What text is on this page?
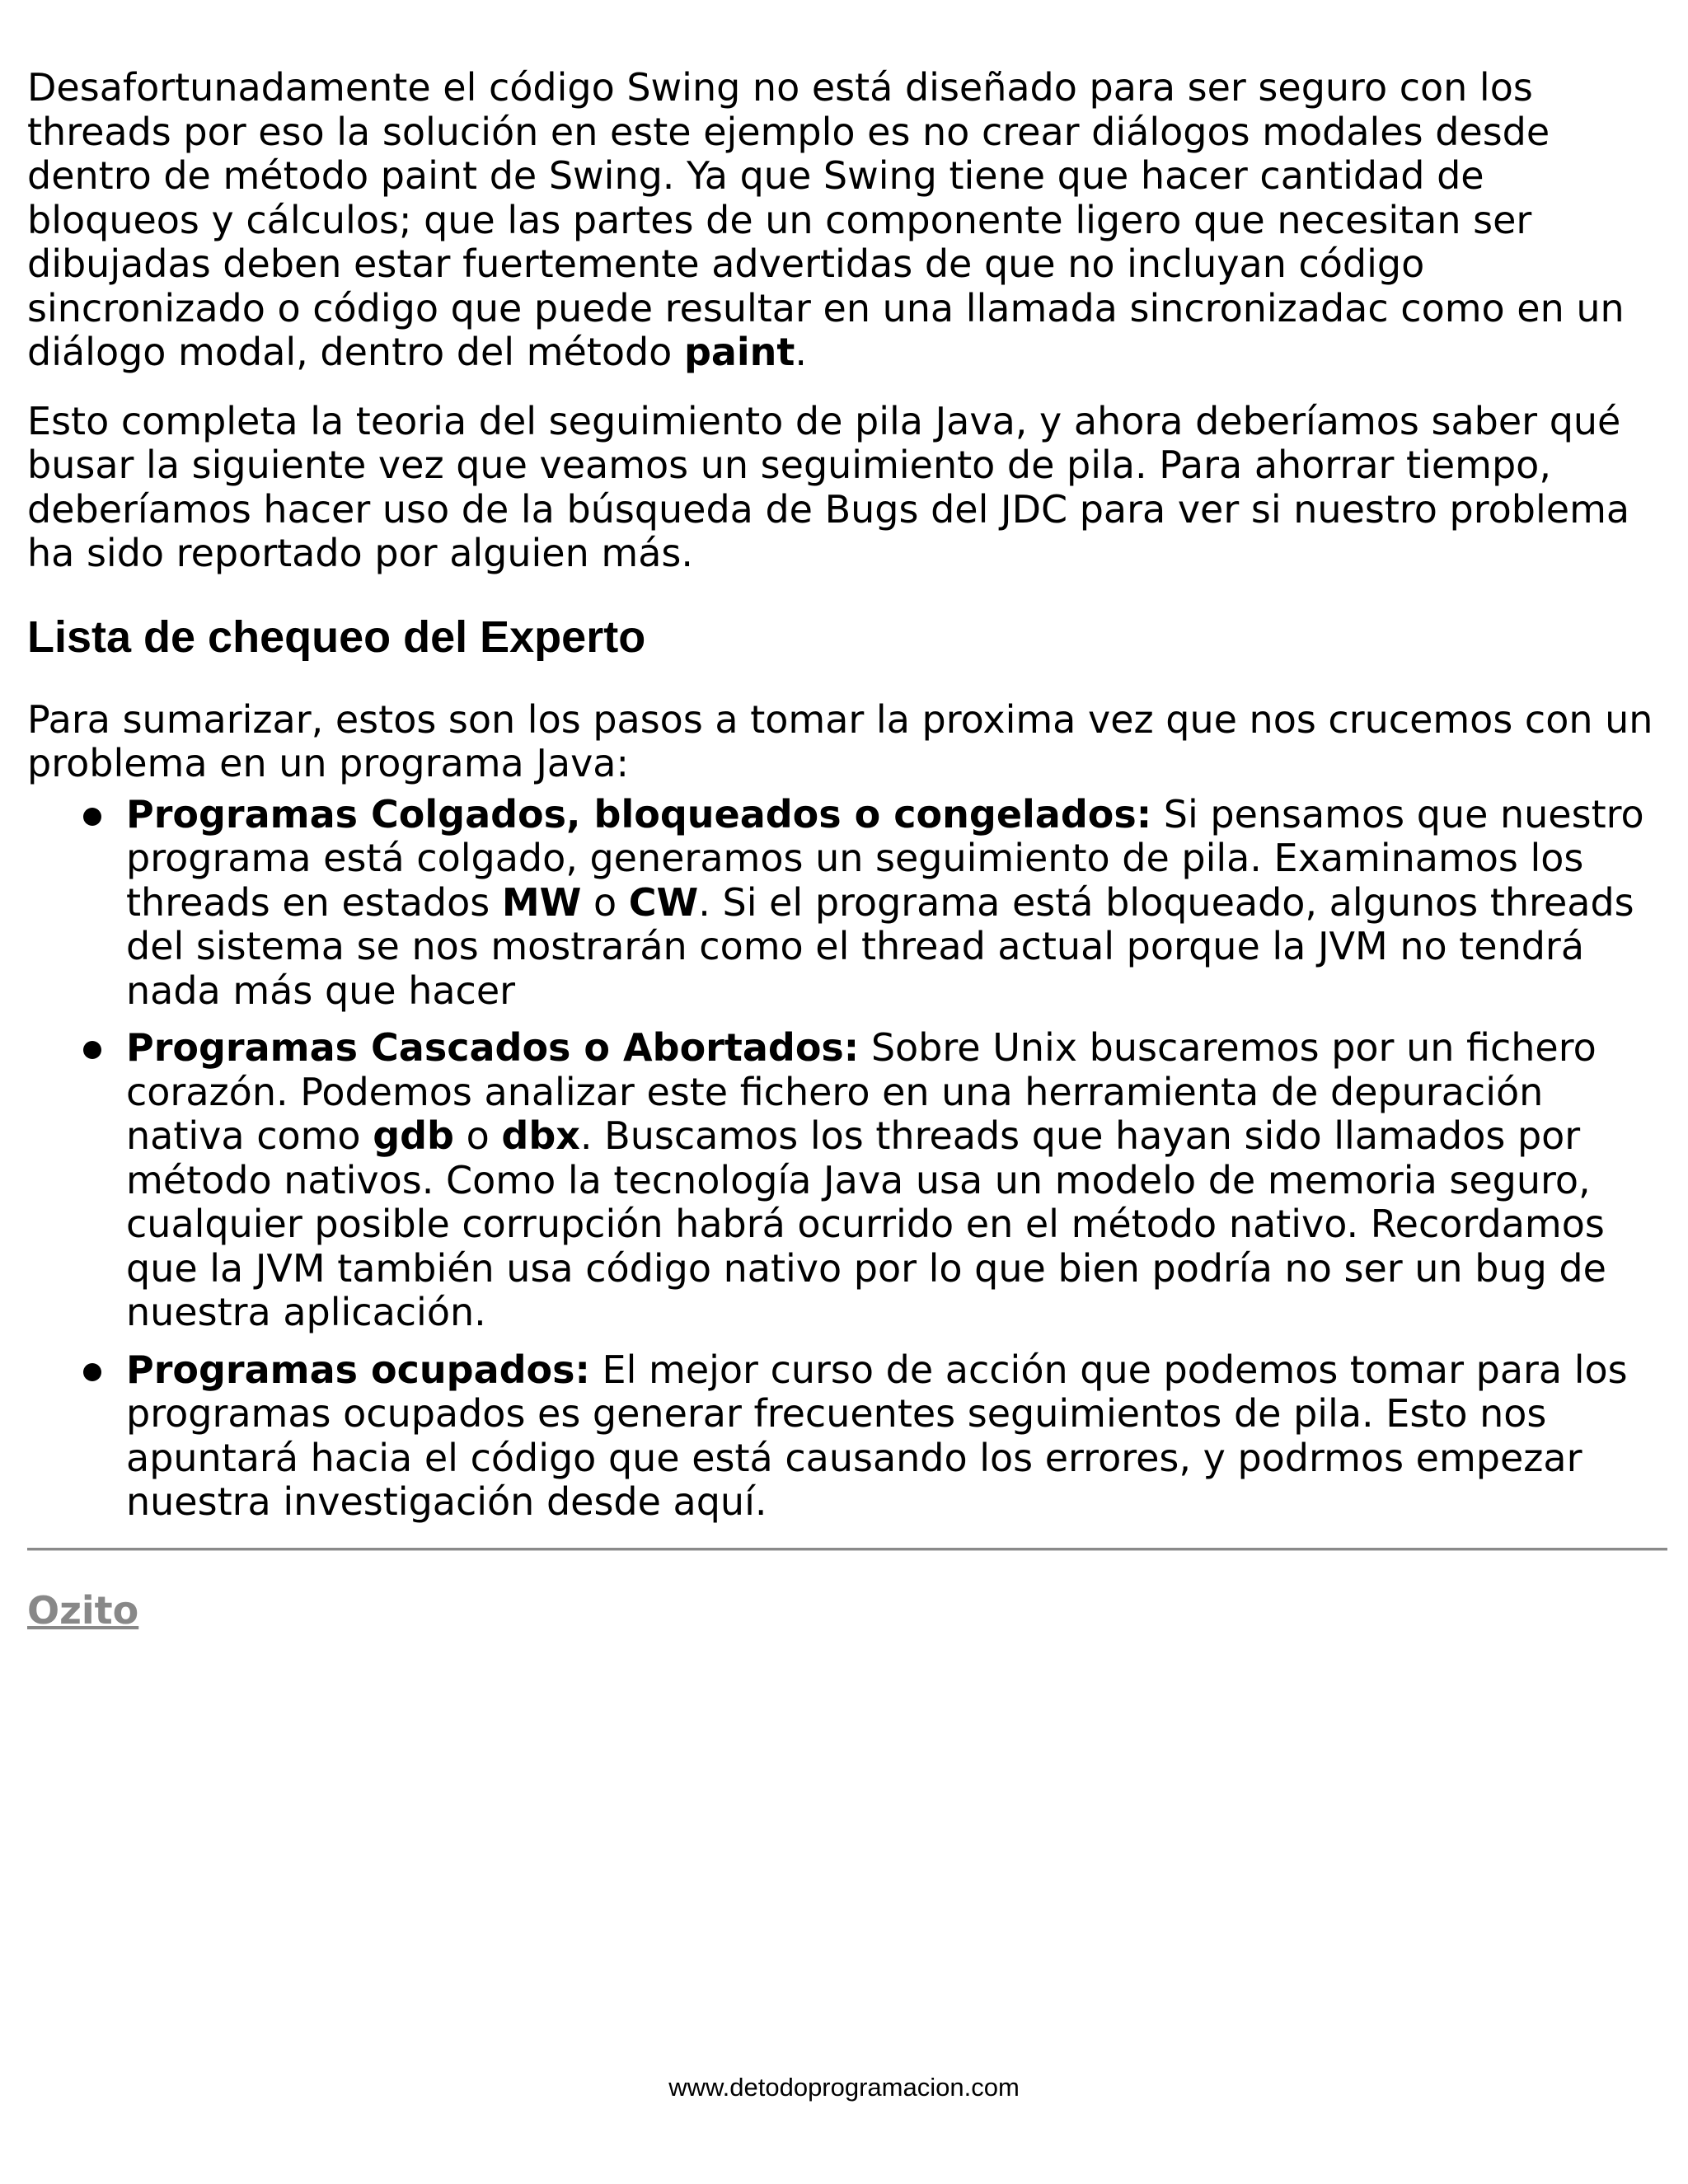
Desafortunadamente el código Swing no está diseñado para ser seguro con los threads por eso la solución en este ejemplo es no crear diálogos modales desde dentro de método paint de Swing. Ya que Swing tiene que hacer cantidad de bloqueos y cálculos; que las partes de un componente ligero que necesitan ser dibujadas deben estar fuertemente advertidas de que no incluyan código sincronizado o código que puede resultar en una llamada sincronizadac como en un diálogo modal, dentro del método paint.

Esto completa la teoria del seguimiento de pila Java, y ahora deberíamos saber qué busar la siguiente vez que veamos un seguimiento de pila. Para ahorrar tiempo, deberíamos hacer uso de la búsqueda de Bugs del JDC para ver si nuestro problema ha sido reportado por alguien más.

Lista de chequeo del Experto

Para sumarizar, estos son los pasos a tomar la proxima vez que nos crucemos con un problema en un programa Java:

Programas Colgados, bloqueados o congelados: Si pensamos que nuestro programa está colgado, generamos un seguimiento de pila. Examinamos los threads en estados MW o CW. Si el programa está bloqueado, algunos threads del sistema se nos mostrarán como el thread actual porque la JVM no tendrá nada más que hacer
Programas Cascados o Abortados: Sobre Unix buscaremos por un fichero corazón. Podemos analizar este fichero en una herramienta de depuración nativa como gdb o dbx. Buscamos los threads que hayan sido llamados por método nativos. Como la tecnología Java usa un modelo de memoria seguro, cualquier posible corrupción habrá ocurrido en el método nativo. Recordamos que la JVM también usa código nativo por lo que bien podría no ser un bug de nuestra aplicación.
Programas ocupados: El mejor curso de acción que podemos tomar para los programas ocupados es generar frecuentes seguimientos de pila. Esto nos apuntará hacia el código que está causando los errores, y podrmos empezar nuestra investigación desde aquí.
Ozito
www.detodoprogramacion.com
